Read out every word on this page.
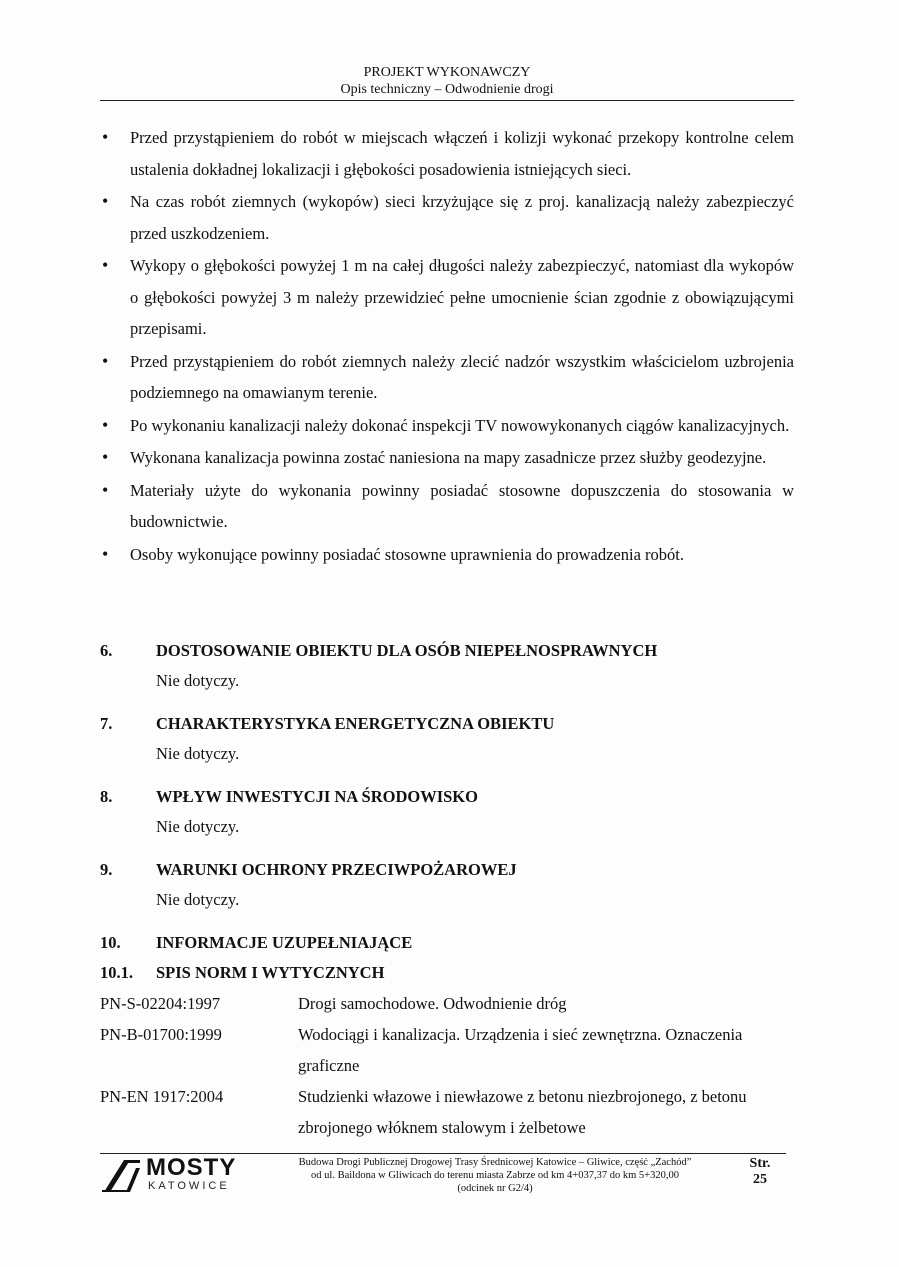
PROJEKT WYKONAWCZY
Opis techniczny – Odwodnienie drogi
• Przed przystąpieniem do robót w miejscach włączeń i kolizji wykonać przekopy kontrolne celem ustalenia dokładnej lokalizacji i głębokości posadowienia istniejących sieci.
• Na czas robót ziemnych (wykopów) sieci krzyżujące się z proj. kanalizacją należy zabezpieczyć przed uszkodzeniem.
• Wykopy o głębokości powyżej 1 m na całej długości należy zabezpieczyć, natomiast dla wykopów o głębokości powyżej 3 m należy przewidzieć pełne umocnienie ścian zgodnie z obowiązującymi przepisami.
• Przed przystąpieniem do robót ziemnych należy zlecić nadzór wszystkim właścicielom uzbrojenia podziemnego na omawianym terenie.
• Po wykonaniu kanalizacji należy dokonać inspekcji TV nowowykonanych ciągów kanalizacyjnych.
• Wykonana kanalizacja powinna zostać naniesiona na mapy zasadnicze przez służby geodezyjne.
• Materiały użyte do wykonania powinny posiadać stosowne dopuszczenia do stosowania w budownictwie.
• Osoby wykonujące powinny posiadać stosowne uprawnienia do prowadzenia robót.
6.	DOSTOSOWANIE OBIEKTU DLA OSÓB NIEPEŁNOSPRAWNYCH
Nie dotyczy.
7.	CHARAKTERYSTYKA ENERGETYCZNA OBIEKTU
Nie dotyczy.
8.	WPŁYW INWESTYCJI NA ŚRODOWISKO
Nie dotyczy.
9.	WARUNKI OCHRONY PRZECIWPOŻAROWEJ
Nie dotyczy.
10.	INFORMACJE UZUPEŁNIAJĄCE
10.1.	SPIS NORM I WYTYCZNYCH
PN-S-02204:1997	Drogi samochodowe. Odwodnienie dróg
PN-B-01700:1999	Wodociągi i kanalizacja. Urządzenia i sieć zewnętrzna. Oznaczenia graficzne
PN-EN 1917:2004	Studzienki włazowe i niewłazowe z betonu niezbrojonego, z betonu zbrojonego włóknem stalowym i żelbetowe
MOSTY
KATOWICE
Budowa Drogi Publicznej Drogowej Trasy Średnicowej Katowice – Gliwice, część „Zachód”
od ul. Baildona w Gliwicach do terenu miasta Zabrze od km 4+037,37 do km 5+320,00
(odcinek nr G2/4)
Str.
25
